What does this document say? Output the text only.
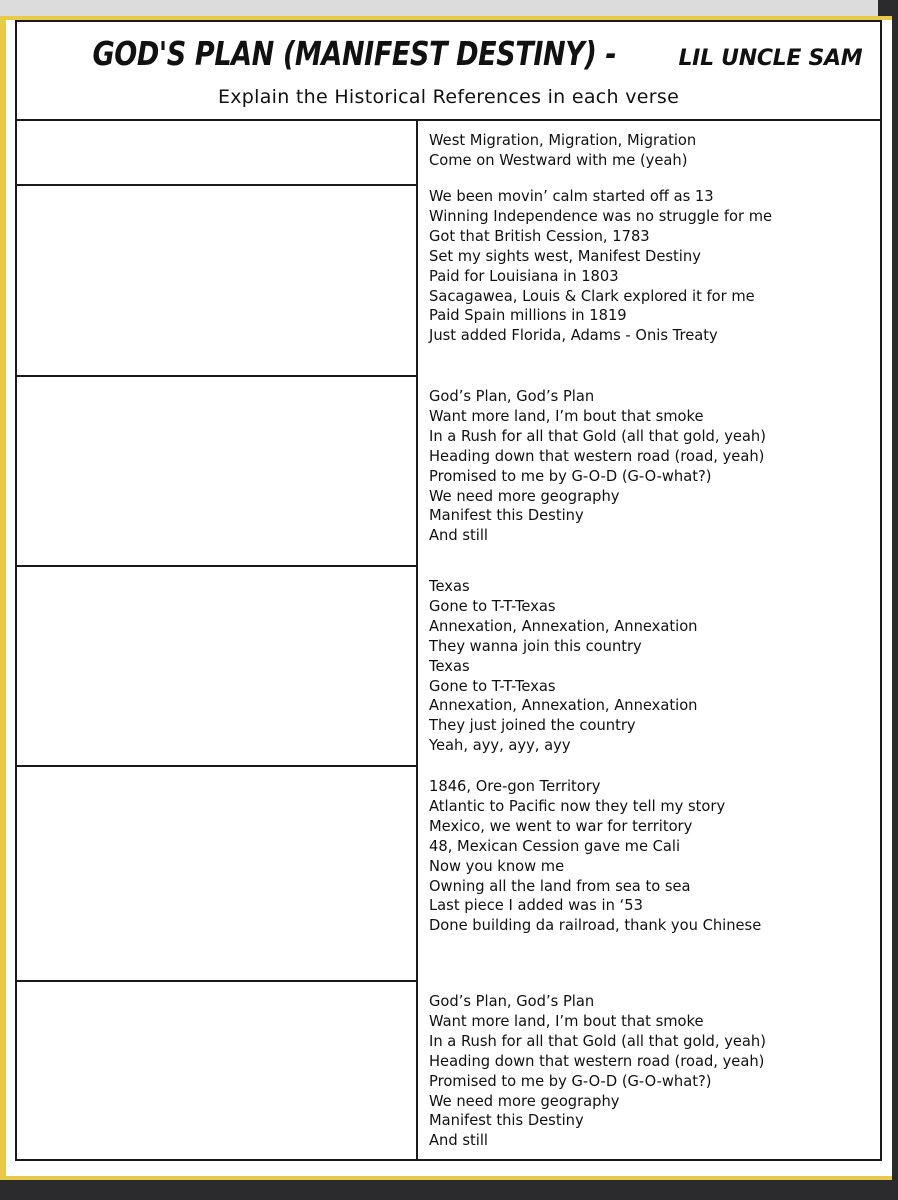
GOD'S PLAN (MANIFEST DESTINY) -	LIL UNCLE SAM
Explain the Historical References in each verse
West Migration, Migration, Migration
Come on Westward with me (yeah)
We been movin’ calm started off as 13
Winning Independence was no struggle for me
Got that British Cession, 1783
Set my sights west, Manifest Destiny
Paid for Louisiana in 1803
Sacagawea, Louis & Clark explored it for me
Paid Spain millions in 1819
Just added Florida, Adams - Onis Treaty
God’s Plan, God’s Plan
Want more land, I’m bout that smoke
In a Rush for all that Gold (all that gold, yeah)
Heading down that western road (road, yeah)
Promised to me by G-O-D (G-O-what?)
We need more geography
Manifest this Destiny
And still
Texas
Gone to T-T-Texas
Annexation, Annexation, Annexation
They wanna join this country
Texas
Gone to T-T-Texas
Annexation, Annexation, Annexation
They just joined the country
Yeah, ayy, ayy, ayy
1846, Ore-gon Territory
Atlantic to Pacific now they tell my story
Mexico, we went to war for territory
48, Mexican Cession gave me Cali
Now you know me
Owning all the land from sea to sea
Last piece I added was in ‘53
Done building da railroad, thank you Chinese
God’s Plan, God’s Plan
Want more land, I’m bout that smoke
In a Rush for all that Gold (all that gold, yeah)
Heading down that western road (road, yeah)
Promised to me by G-O-D (G-O-what?)
We need more geography
Manifest this Destiny
And still
